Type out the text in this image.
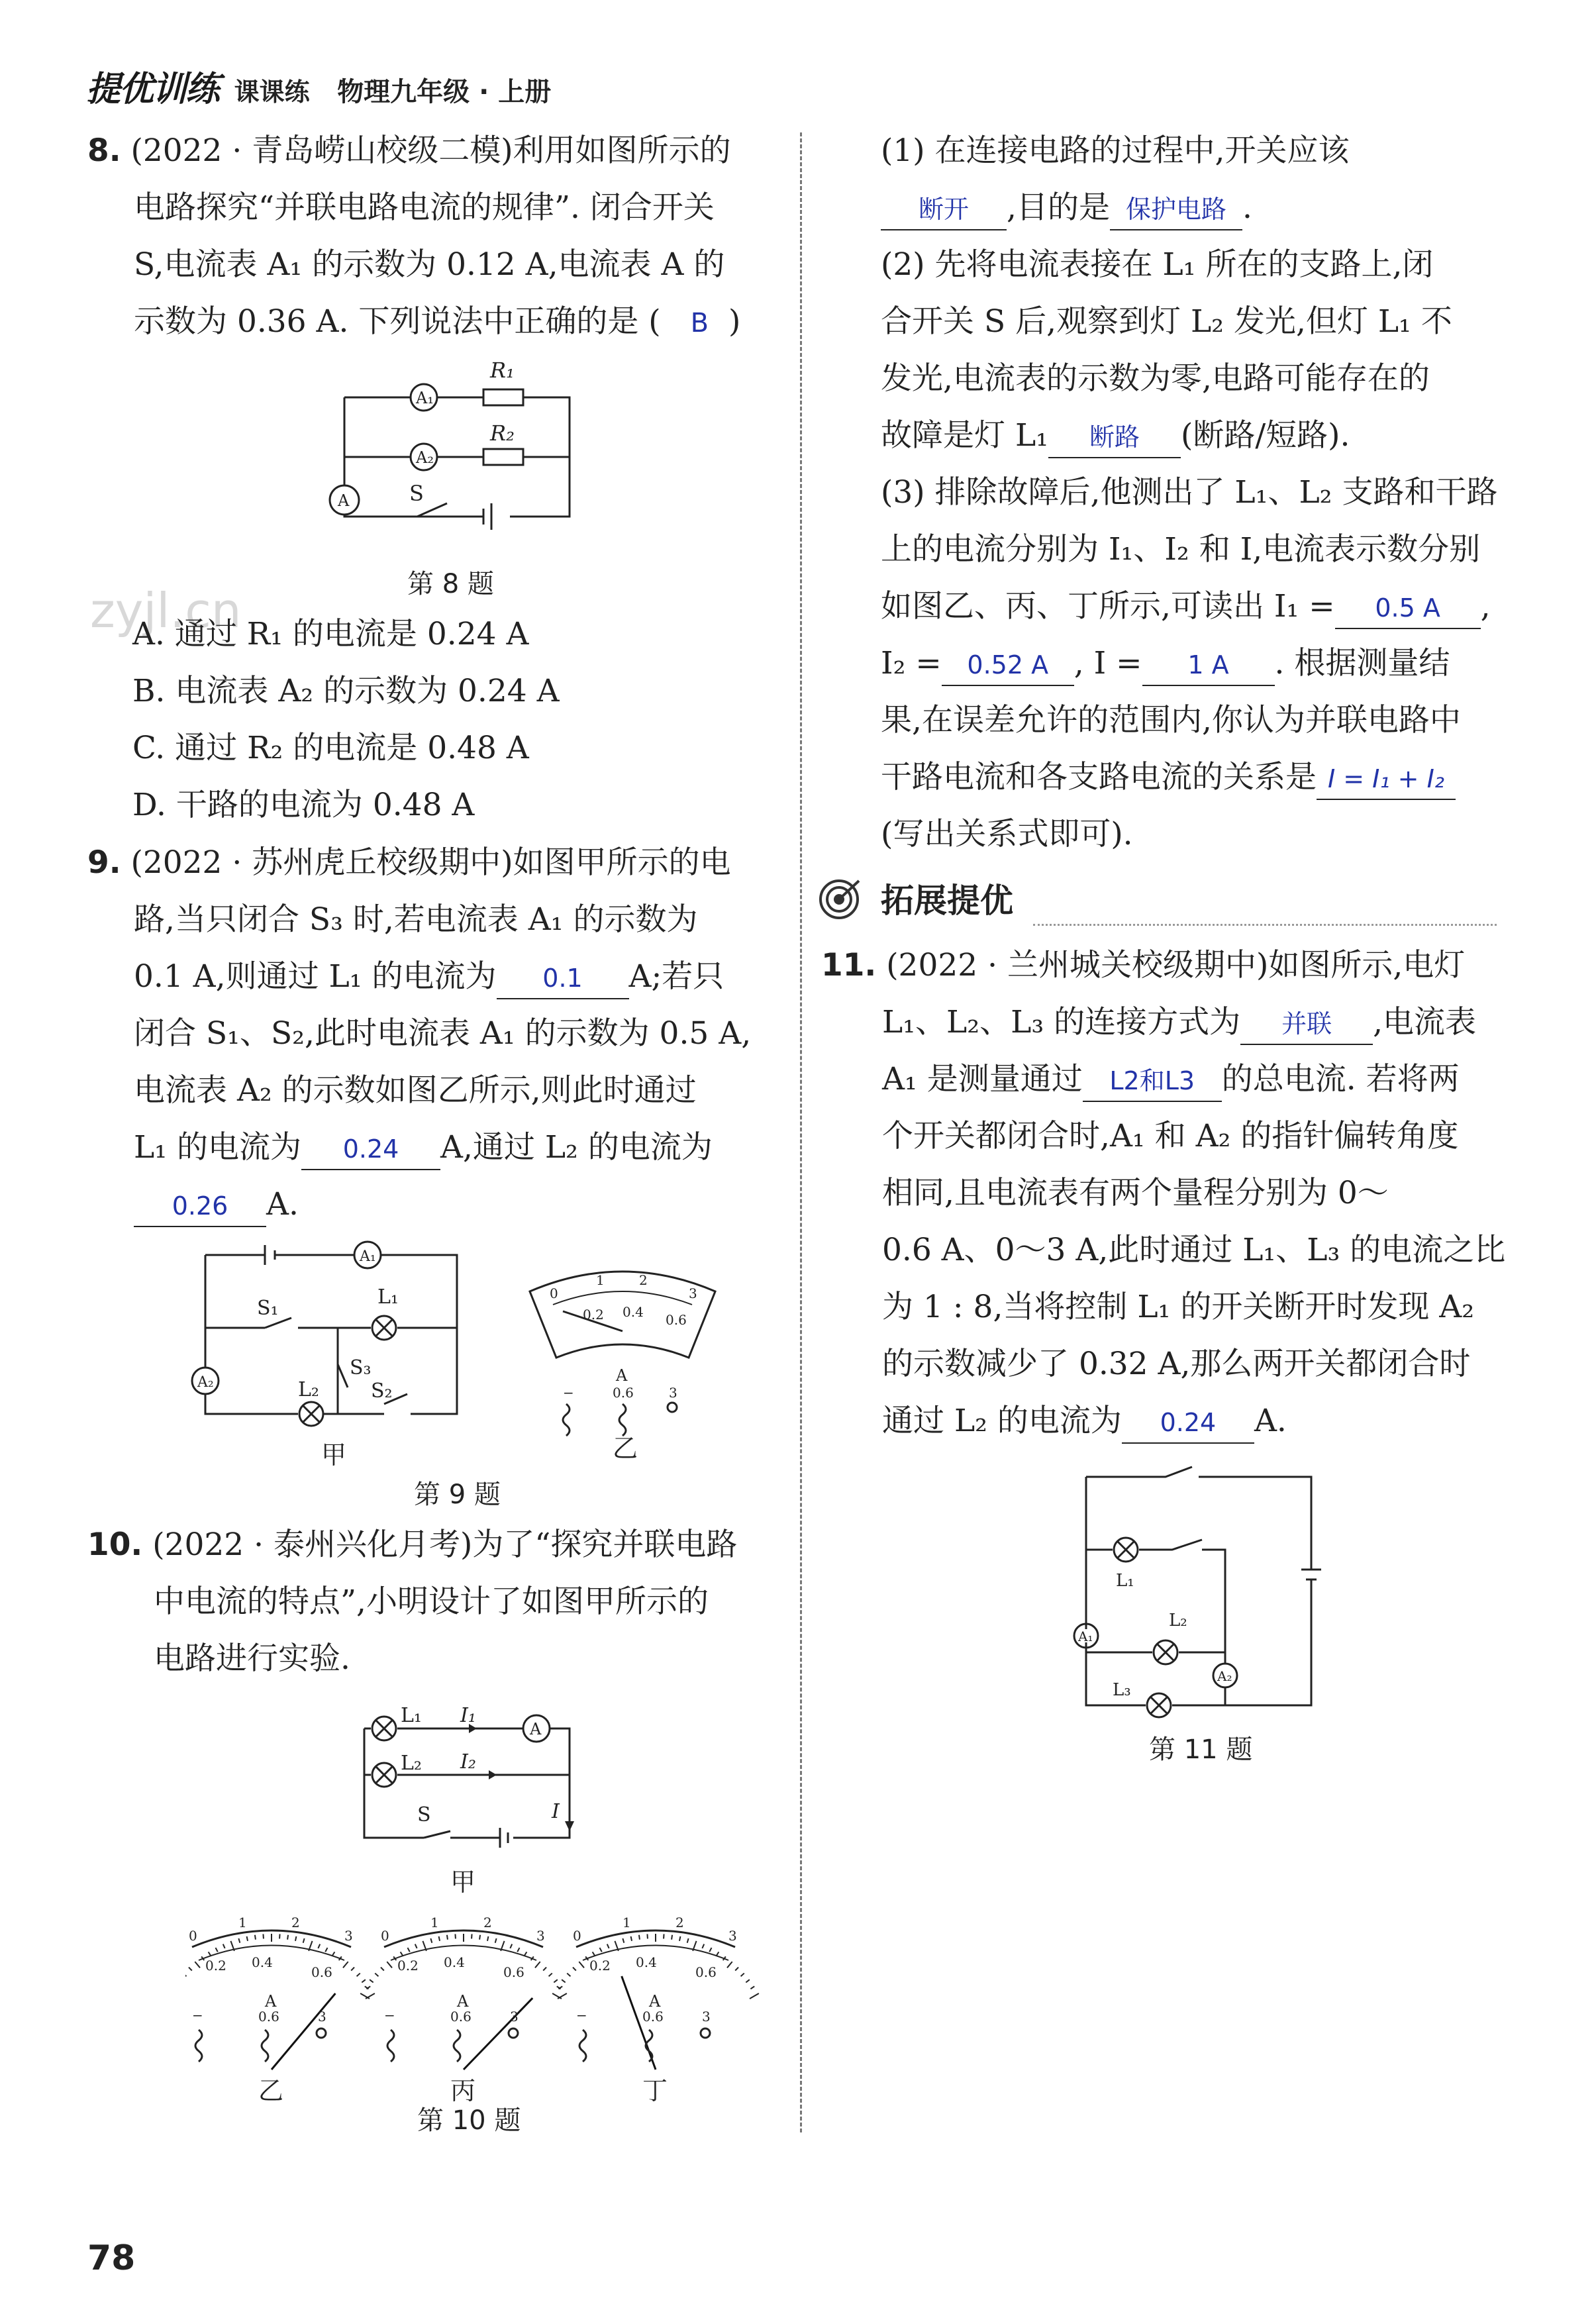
提优训练 课课练 物理九年级 · 上册
zyjl.cn
8. (2022 · 青岛崂山校级二模)利用如图所示的
电路探究“并联电路电流的规律”. 闭合开关
S,电流表 A₁ 的示数为 0.12 A,电流表 A 的
示数为 0.36 A. 下列说法中正确的是 ( B )
A₁
A₂
A
R₁
R₂
S
第 8 题
A. 通过 R₁ 的电流是 0.24 A
B. 电流表 A₂ 的示数为 0.24 A
C. 通过 R₂ 的电流是 0.48 A
D. 干路的电流为 0.48 A
9. (2022 · 苏州虎丘校级期中)如图甲所示的电
路,当只闭合 S₃ 时,若电流表 A₁ 的示数为
0.1 A,则通过 L₁ 的电流为 0.1 A;若只
闭合 S₁、S₂,此时电流表 A₁ 的示数为 0.5 A,
电流表 A₂ 的示数如图乙所示,则此时通过
L₁ 的电流为 0.24 A,通过 L₂ 的电流为
0.26 A.
A₁
A₂
S₁
S₃
S₂
L₁
L₂
甲
0
1	2
3
0.2 0.4 0.6
A
−	0.6	3
乙
第 9 题
10. (2022 · 泰州兴化月考)为了“探究并联电路
中电流的特点”,小明设计了如图甲所示的
电路进行实验.
L₁
L₂
I₁
I₂
I
A
S
甲
0
1	2
3
0.2 0.4
0.6
A
−	0.6	3
乙
0
1	2
3
0.2 0.4
0.6
A
−	0.6	3
丙
0
1	2
3
0.2 0.4
0.6
A
−	0.6	3
丁
第 10 题
(1) 在连接电路的过程中,开关应该
断开 ,目的是 保护电路 .
(2) 先将电流表接在 L₁ 所在的支路上,闭
合开关 S 后,观察到灯 L₂ 发光,但灯 L₁ 不
发光,电流表的示数为零,电路可能存在的
故障是灯 L₁ 断路 (断路/短路).
(3) 排除故障后,他测出了 L₁、L₂ 支路和干路
上的电流分别为 I₁、I₂ 和 I,电流表示数分别
如图乙、丙、丁所示,可读出 I₁ = 0.5 A ,
I₂ = 0.52 A , I = 1 A . 根据测量结
果,在误差允许的范围内,你认为并联电路中
干路电流和各支路电流的关系是 I = I₁ + I₂
(写出关系式即可).
拓展提优
11. (2022 · 兰州城关校级期中)如图所示,电灯
L₁、L₂、L₃ 的连接方式为 并联 ,电流表
A₁ 是测量通过 L2和L3 的总电流. 若将两
个开关都闭合时,A₁ 和 A₂ 的指针偏转角度
相同,且电流表有两个量程分别为 0～
0.6 A、0～3 A,此时通过 L₁、L₃ 的电流之比
为 1 : 8,当将控制 L₁ 的开关断开时发现 A₂
的示数减少了 0.32 A,那么两开关都闭合时
通过 L₂ 的电流为 0.24 A.
A₁
A₂
L₁
L₂
L₃
第 11 题
78
